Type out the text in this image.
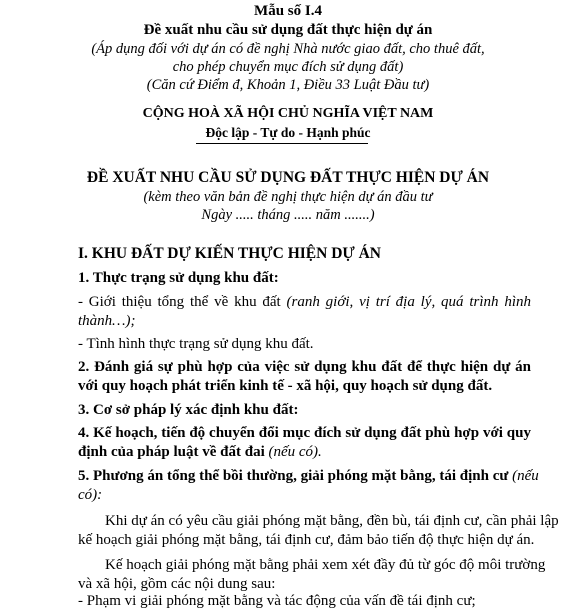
Mẫu số I.4
Đề xuất nhu cầu sử dụng đất thực hiện dự án
(Áp dụng đối với dự án có đề nghị Nhà nước giao đất, cho thuê đất,
cho phép chuyển mục đích sử dụng đất)
(Căn cứ Điểm đ, Khoản 1, Điều 33 Luật Đầu tư)
CỘNG HOÀ XÃ HỘI CHỦ NGHĨA VIỆT NAM
Độc lập - Tự do - Hạnh phúc
ĐỀ XUẤT NHU CẦU SỬ DỤNG ĐẤT THỰC HIỆN DỰ ÁN
(kèm theo văn bản đề nghị thực hiện dự án đầu tư
Ngày ..... tháng ..... năm .......)
I. KHU ĐẤT DỰ KIẾN THỰC HIỆN DỰ ÁN
1. Thực trạng sử dụng khu đất:
- Giới thiệu tổng thể về khu đất (ranh giới, vị trí địa lý, quá trình hình
thành…);
- Tình hình thực trạng sử dụng khu đất.
2. Đánh giá sự phù hợp của việc sử dụng khu đất để thực hiện dự án
với quy hoạch phát triển kinh tế - xã hội, quy hoạch sử dụng đất.
3. Cơ sở pháp lý xác định khu đất:
4. Kế hoạch, tiến độ chuyển đổi mục đích sử dụng đất phù hợp với quy
định của pháp luật về đất đai (nếu có).
5. Phương án tổng thể bồi thường, giải phóng mặt bằng, tái định cư (nếu
có):
Khi dự án có yêu cầu giải phóng mặt bằng, đền bù, tái định cư, cần phải lập
kế hoạch giải phóng mặt bằng, tái định cư, đảm bảo tiến độ thực hiện dự án.
Kế hoạch giải phóng mặt bằng phải xem xét đầy đủ từ góc độ môi trường
và xã hội, gồm các nội dung sau:
- Phạm vi giải phóng mặt bằng và tác động của vấn đề tái định cư;
